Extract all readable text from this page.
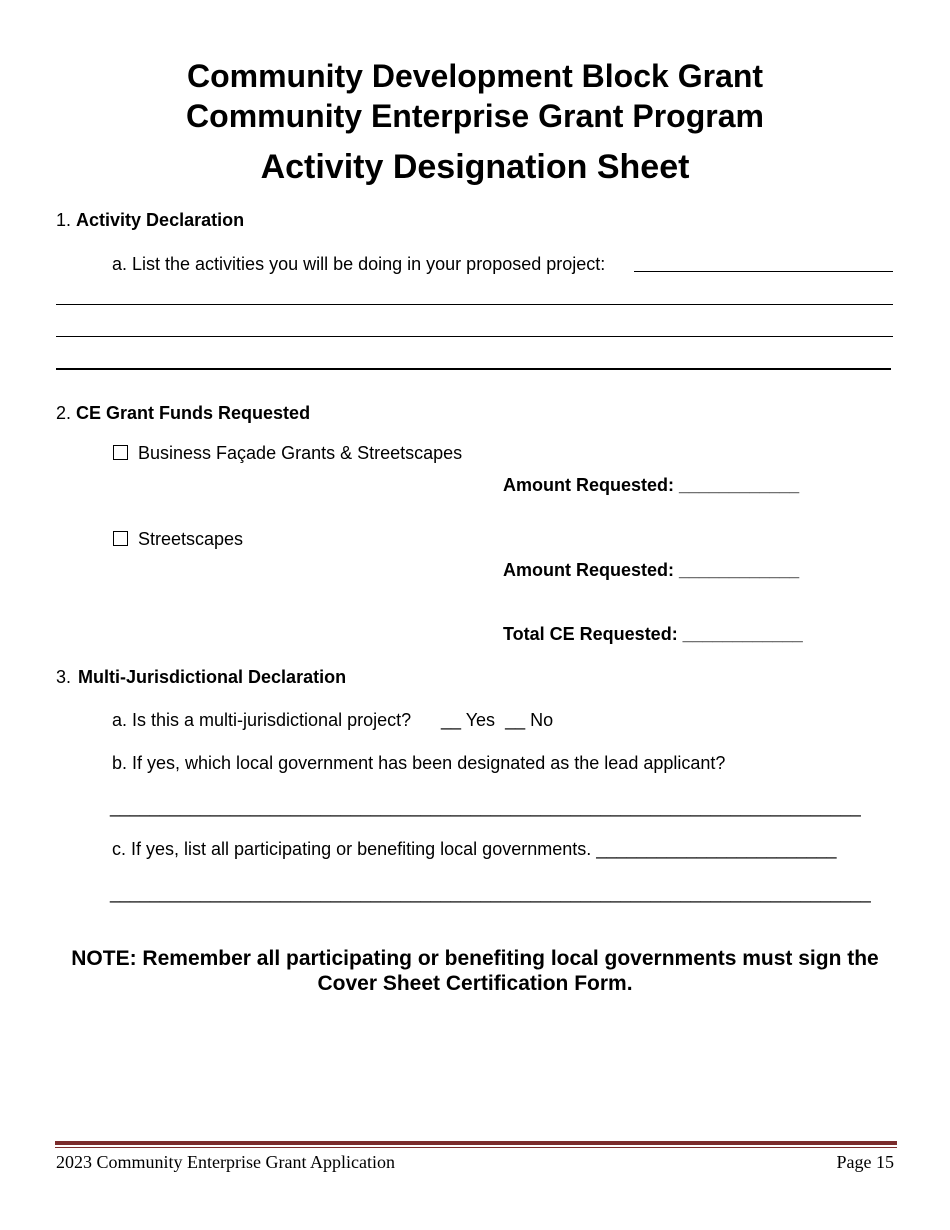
Community Development Block Grant
Community Enterprise Grant Program
Activity Designation Sheet
1. Activity Declaration
a. List the activities you will be doing in your proposed project:
2. CE Grant Funds Requested
Business Façade Grants & Streetscapes
Amount Requested: ____________
Streetscapes
Amount Requested: ____________
Total CE Requested: ____________
3. Multi-Jurisdictional Declaration
a. Is this a multi-jurisdictional project? __ Yes  __ No
b. If yes, which local government has been designated as the lead applicant?
___________________________________________________________________________
c. If yes, list all participating or benefiting local governments. ________________________
____________________________________________________________________________
NOTE: Remember all participating or benefiting local governments must sign the Cover Sheet Certification Form.
2023 Community Enterprise Grant Application	Page 15
